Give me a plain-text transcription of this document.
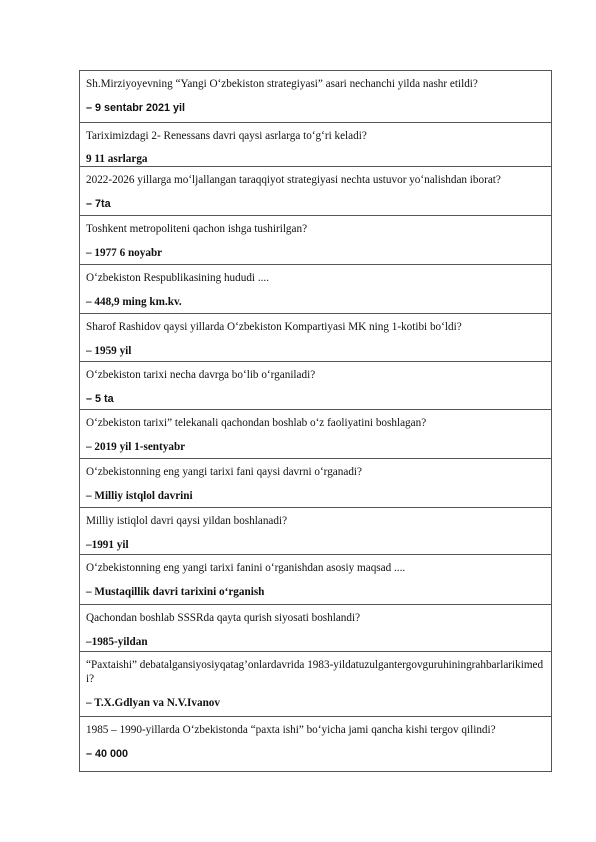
Sh.Mirziyoyevning “Yangi O‘zbekiston strategiyasi” asari nechanchi yilda nashr etildi?

– 9 sentabr 2021 yil

Tariximizdagi 2- Renessans davri qaysi asrlarga to‘g‘ri keladi?

9 11 asrlarga

2022-2026 yillarga mo‘ljallangan taraqqiyot strategiyasi nechta ustuvor yo‘nalishdan iborat?

– 7ta

Toshkent metropoliteni qachon ishga tushirilgan?

– 1977 6 noyabr

O‘zbekiston Respublikasining hududi ....

– 448,9 ming km.kv.

Sharof Rashidov qaysi yillarda O‘zbekiston Kompartiyasi MK ning 1-kotibi bo‘ldi?

– 1959 yil

O‘zbekiston tarixi necha davrga bo‘lib o‘rganiladi?

– 5 ta

O‘zbekiston tarixi” telekanali qachondan boshlab o‘z faoliyatini boshlagan?

– 2019 yil 1-sentyabr

O‘zbekistonning eng yangi tarixi fani qaysi davrni o‘rganadi?

– Milliy istqlol davrini

Milliy istiqlol davri qaysi yildan boshlanadi?

–1991 yil

O‘zbekistonning eng yangi tarixi fanini o‘rganishdan asosiy maqsad ....

– Mustaqillik davri tarixini o‘rganish

Qachondan boshlab SSSRda qayta qurish siyosati boshlandi?

–1985-yildan

“Paxtaishi” debatalgansiyosiyqatag’onlardavrida 1983-yildatuzulgantergovguruhiningrahbarlarikimedi?

– T.X.Gdlyan va N.V.Ivanov

1985 – 1990-yillarda O‘zbekistonda “paxta ishi” bo‘yicha jami qancha kishi tergov qilindi?

– 40 000
